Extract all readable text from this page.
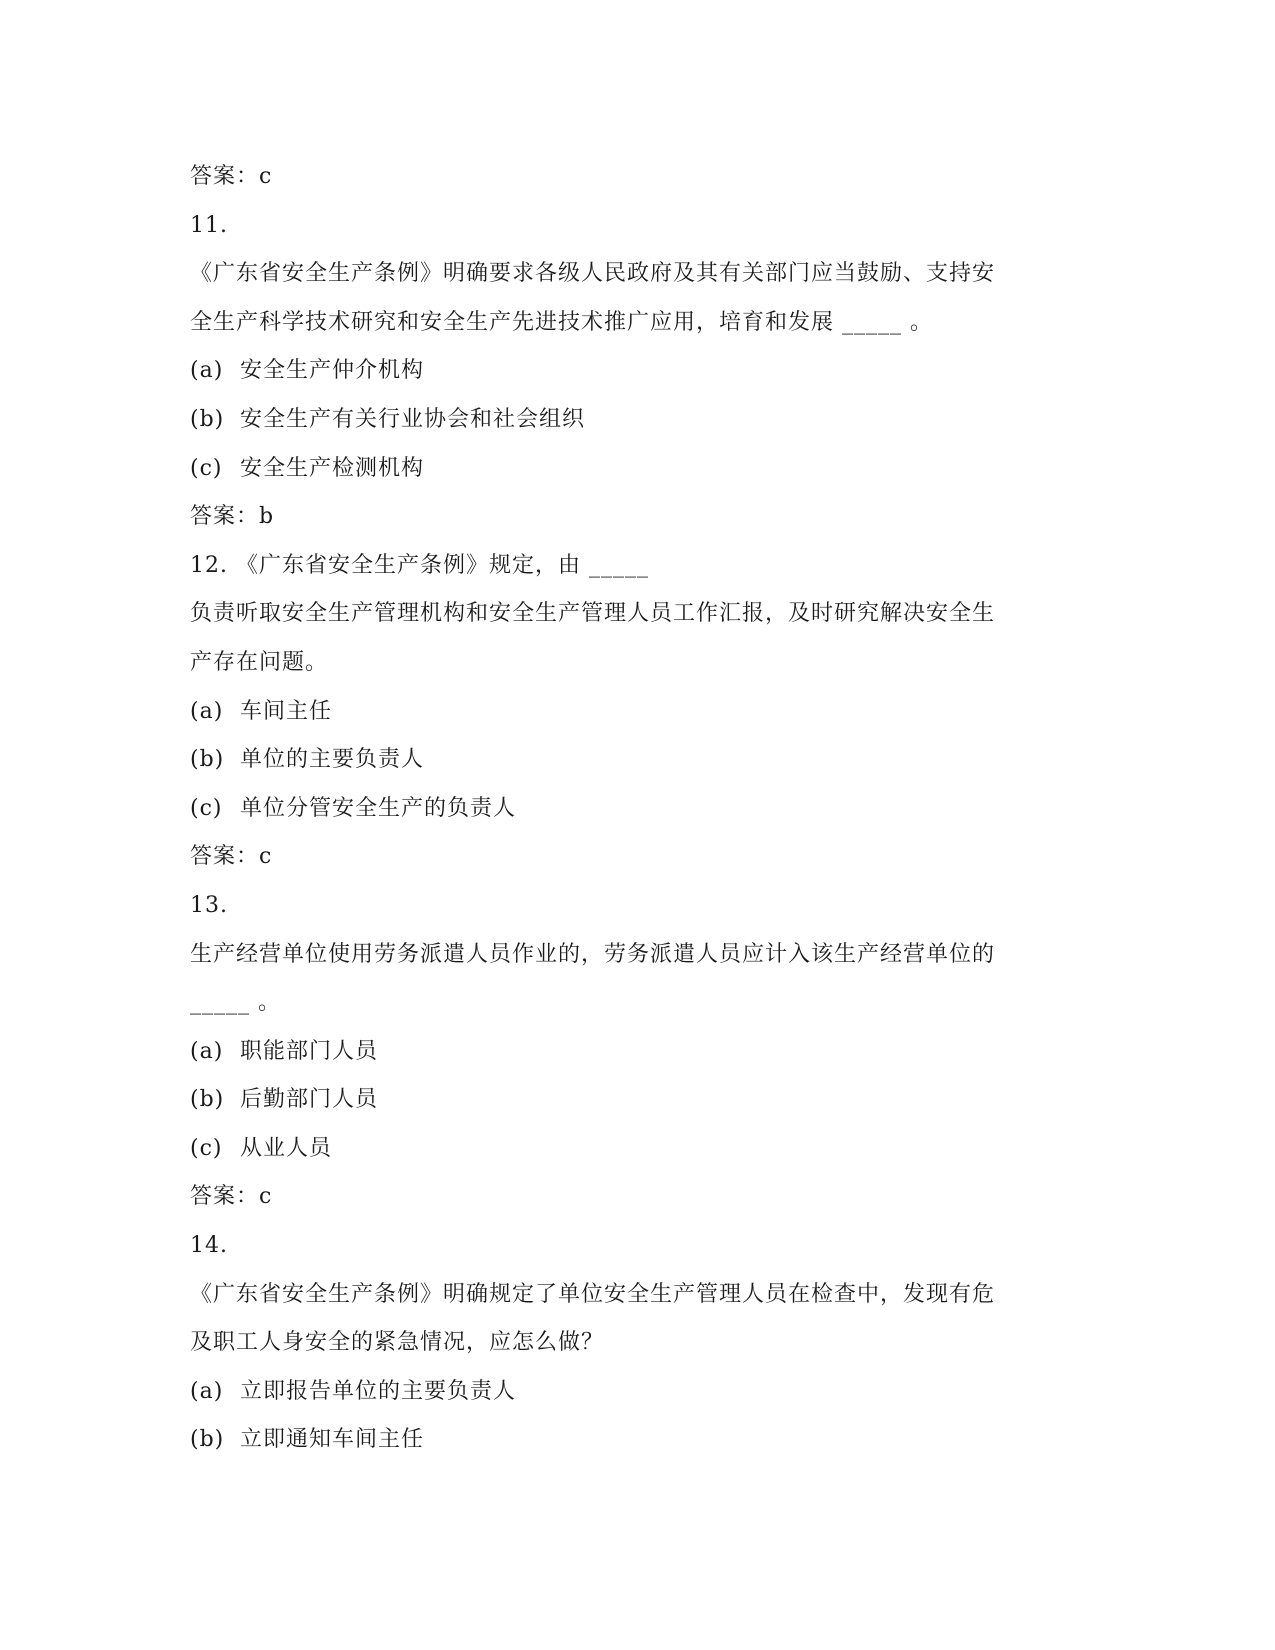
答案：c
11.
《广东省安全生产条例》明确要求各级人民政府及其有关部门应当鼓励、支持安
全生产科学技术研究和安全生产先进技术推广应用，培育和发展 _____ 。
(a) 安全生产仲介机构
(b) 安全生产有关行业协会和社会组织
(c) 安全生产检测机构
答案：b
12. 《广东省安全生产条例》规定，由 _____
负责听取安全生产管理机构和安全生产管理人员工作汇报，及时研究解决安全生
产存在问题。
(a) 车间主任
(b) 单位的主要负责人
(c) 单位分管安全生产的负责人
答案：c
13.
生产经营单位使用劳务派遣人员作业的，劳务派遣人员应计入该生产经营单位的
_____ 。
(a) 职能部门人员
(b) 后勤部门人员
(c) 从业人员
答案：c
14.
《广东省安全生产条例》明确规定了单位安全生产管理人员在检查中，发现有危
及职工人身安全的紧急情况，应怎么做？
(a) 立即报告单位的主要负责人
(b) 立即通知车间主任
